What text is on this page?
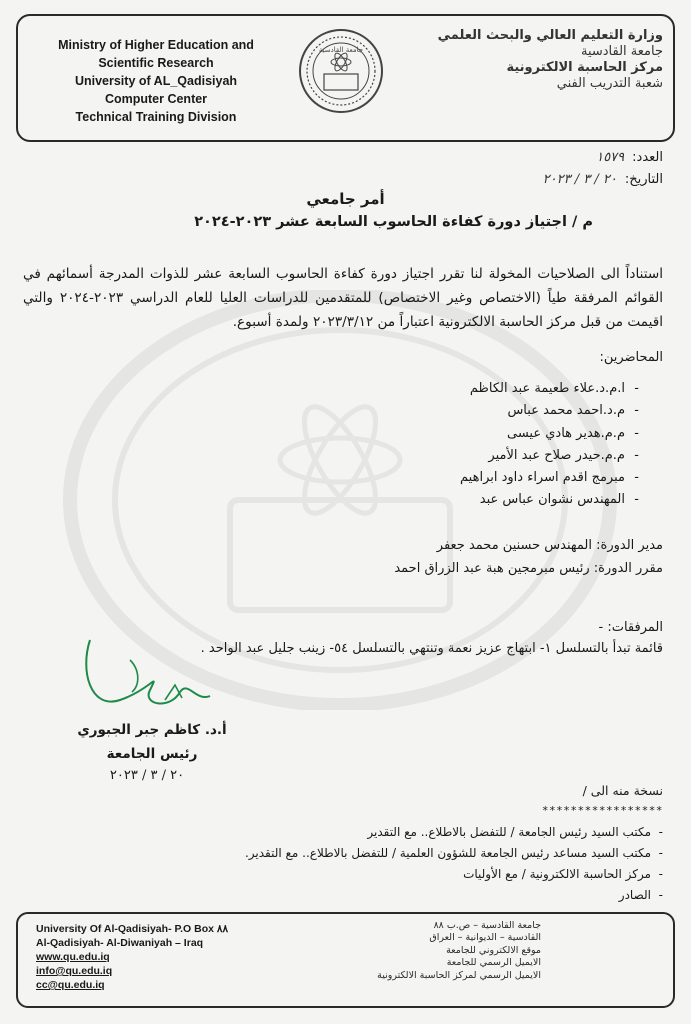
Ministry of Higher Education and
Scientific Research
University of AL_Qadisiyah
Computer Center
Technical Training Division
جامعة القادسية
وزارة التعليم العالي والبحث العلمي
جامعة القادسية
مركز الحاسبة الالكترونية
شعبة التدريب الفني
العدد:١٥٧٩
التاريخ:٢٠ / ٣ / ٢٠٢٣
أمر جامعي
م / اجتياز دورة كفاءة الحاسوب السابعة عشر ٢٠٢٣-٢٠٢٤
استناداً الى الصلاحيات المخولة لنا تقرر اجتياز دورة كفاءة الحاسوب السابعة عشر للذوات المدرجة أسمائهم في القوائم المرفقة طياً (الاختصاص وغير الاختصاص) للمتقدمين للدراسات العليا للعام الدراسي ٢٠٢٣-٢٠٢٤ والتي اقيمت من قبل مركز الحاسبة الالكترونية اعتباراً من ٢٠٢٣/٣/١٢ ولمدة أسبوع.
المحاضرين:
- ا.م.د.علاء طعيمة عبد الكاظم
- م.د.احمد محمد عباس
- م.م.هدير هادي عيسى
- م.م.حيدر صلاح عبد الأمير
- مبرمج اقدم اسراء داود ابراهيم
- المهندس نشوان عباس عبد
مدير الدورة: المهندس حسنين محمد جعفر
مقرر الدورة: رئيس مبرمجين هبة عبد الزراق احمد
المرفقات: -
قائمة تبدأ بالتسلسل ١- ابتهاج عزيز نعمة وتنتهي بالتسلسل ٥٤- زينب جليل عبد الواحد .
أ.د. كاظم جبر الجبوري
رئيس الجامعة
٢٠ / ٣ / ٢٠٢٣
نسخة منه الى /
*****************
- مكتب السيد رئيس الجامعة / للتفضل بالاطلاع.. مع التقدير
- مكتب السيد مساعد رئيس الجامعة للشؤون العلمية / للتفضل بالاطلاع.. مع التقدير.
- مركز الحاسبة الالكترونية / مع الأوليات
- الصادر
University Of Al-Qadisiyah- P.O Box ٨٨
Al-Qadisiyah- Al-Diwaniyah – Iraq
www.qu.edu.iq
info@qu.edu.iq
cc@qu.edu.iq
جامعة القادسية – ص.ب ٨٨
القادسية – الديوانية – العراق
موقع الالكتروني للجامعة
الايميل الرسمي للجامعة
الايميل الرسمي لمركز الحاسبة الالكترونية
